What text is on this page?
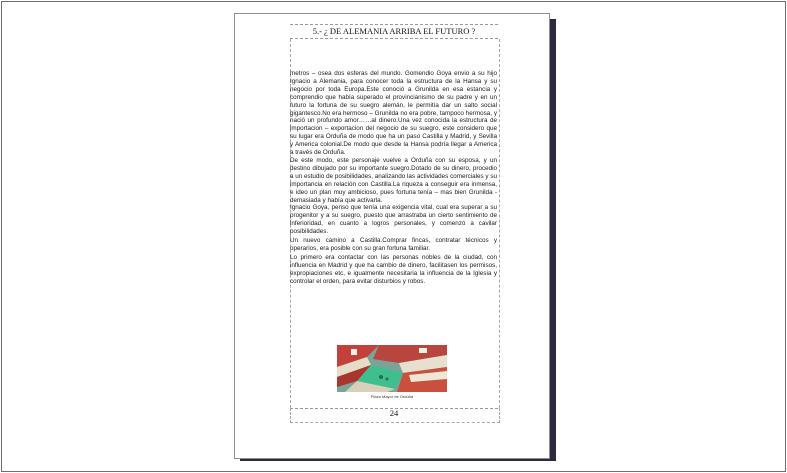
5.- ¿ DE ALEMANIA ARRIBA EL FUTURO ?

metros – osea dos esferas del mundo. Gomendio Goya envio a su hijo Ignacio a Alemania, para conocer toda la estructura de la Hansa y su negocio por toda Europa.Este conoció a Grunilda en esa estancia y comprendio que había superado el provincianismo de su padre y en un futuro la fortuna de su suegro alemán, le permitía dar un salto social gigantesco.No era hermoso – Grunilda no era pobre, tampoco hermosa, y nació un profundo amor……al dinero.Una vez conocida la estructura de importacion – exportacion del negocio de su suegro, este considero que su lugar era Orduña de modo que ha un paso Castilla y Madrid, y Sevilla y America colonial.De modo que desde la Hansa podría llegar a America a través de Orduña.

De este modo, este personaje vuelve a Orduña con su esposa, y un destino dibujado por su importante suegro.Dotado de su dinero, procedio a un estudio de posibilidades, analizando las actividades comerciales y su importancia en relación con Castilla.La riqueza a conseguir era inmensa, e ideo un plan muy ambicioso, pues fortuna tenía – mas bien Grunilda - demasiada y había que activarla.

Ignacio Goya, penso que tenía una exigencia vital, cual era superar a su progenitor y a su suegro, puesto que arrastraba un cierto sentimiento de inferioridad, en cuanto a logros personales, y comenzó a cavilar posibilidades.

Un nuevo camino a Castilla.Comprar fincas, contratar técnicos y operarios, era posible con su gran fortuna familiar.

Lo primero era contactar con las personas nobles de la ciudad, con influencia en Madrid y que ha cambio de dinero, facilitasen los permisos, expropiaciones etc, e igualmente necesitaria la influencia de la Iglesia y controlar el orden, para evitar disturbios y robos.

Plaza Mayor de Orduña
24
